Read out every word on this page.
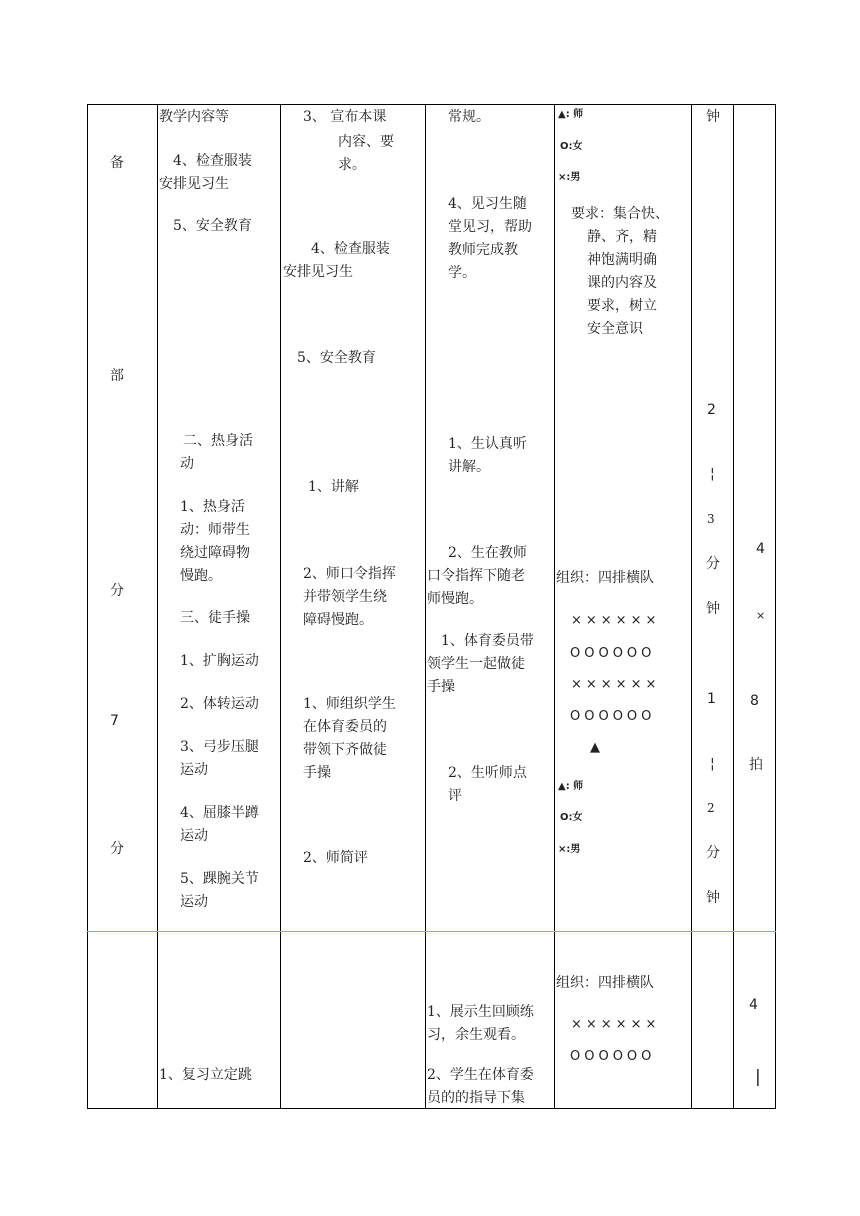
备
部
分
7
分
教学内容等
4、检查服装
安排见习生
5、安全教育
二、热身活
动
1、热身活
动：师带生
绕过障碍物
慢跑。
三、徒手操
1、扩胸运动
2、体转运动
3、弓步压腿
运动
4、屈膝半蹲
运动
5、踝腕关节
运动
1、复习立定跳
3、 宣布本课
内容、要
求。
4、检查服装
安排见习生
5、安全教育
1、讲解
2、师口令指挥
并带领学生绕
障碍慢跑。
1、师组织学生
在体育委员的
带领下齐做徒
手操
2、师简评
常规。
4、见习生随
堂见习，帮助
教师完成教
学。
1、生认真听
讲解。
2、生在教师
口令指挥下随老
师慢跑。
1、体育委员带
领学生一起做徒
手操
2、生听师点
评
1、展示生回顾练
习，余生观看。
2、学生在体育委
员的的指导下集
▲: 师
O:女
×:男
要求：集合快、
静、齐，精
神饱满明确
课的内容及
要求，树立
安全意识
组织：四排横队
××××××
OOOOOO
××××××
OOOOOO
▲
▲: 师
O:女
×:男
组织：四排横队
××××××
OOOOOO
钟
2
¦
3
分
钟
1
¦
2
分
钟
4
×
8
拍
4
|
